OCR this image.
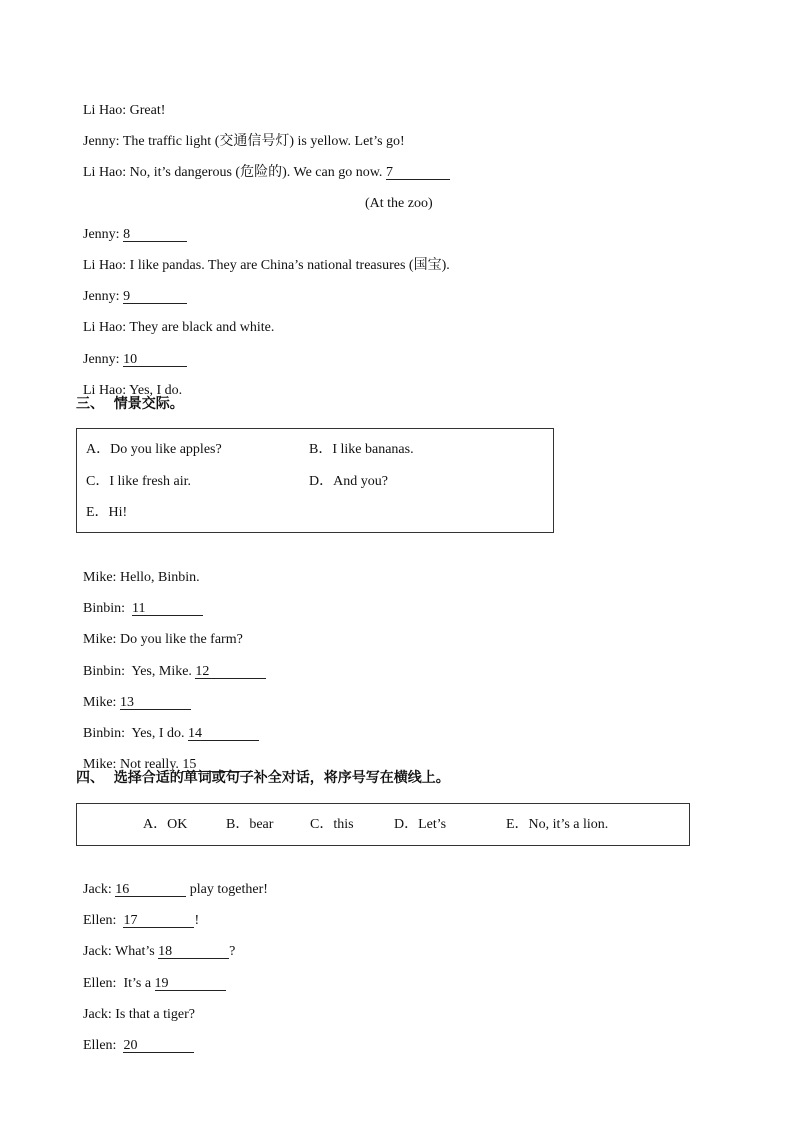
Li Hao: Great!

Jenny: The traffic light (交通信号灯) is yellow. Let’s go!

Li Hao: No, it’s dangerous (危险的). We can go now. 7

(At the zoo)

Jenny: 8

Li Hao: I like pandas. They are China’s national treasures (国宝).

Jenny: 9

Li Hao: They are black and white.

Jenny: 10

Li Hao: Yes, I do.

三、  情景交际。
A．Do you like apples?	B．I like bananas.
C．I like fresh air.	D．And you?
E．Hi!

Mike: Hello, Binbin.

Binbin: 11

Mike: Do you like the farm?

Binbin:  Yes, Mike. 12

Mike: 13

Binbin:  Yes, I do. 14

Mike: Not really. 15

四、  选择合适的单词或句子补全对话，将序号写在横线上。
A．OK	B．bear	C．this	D．Let’s	E．No, it’s a lion.

Jack: 16	play together!

Ellen: 17	!

Jack: What’s 18	?

Ellen:  It’s a 19

Jack: Is that a tiger?

Ellen: 20
